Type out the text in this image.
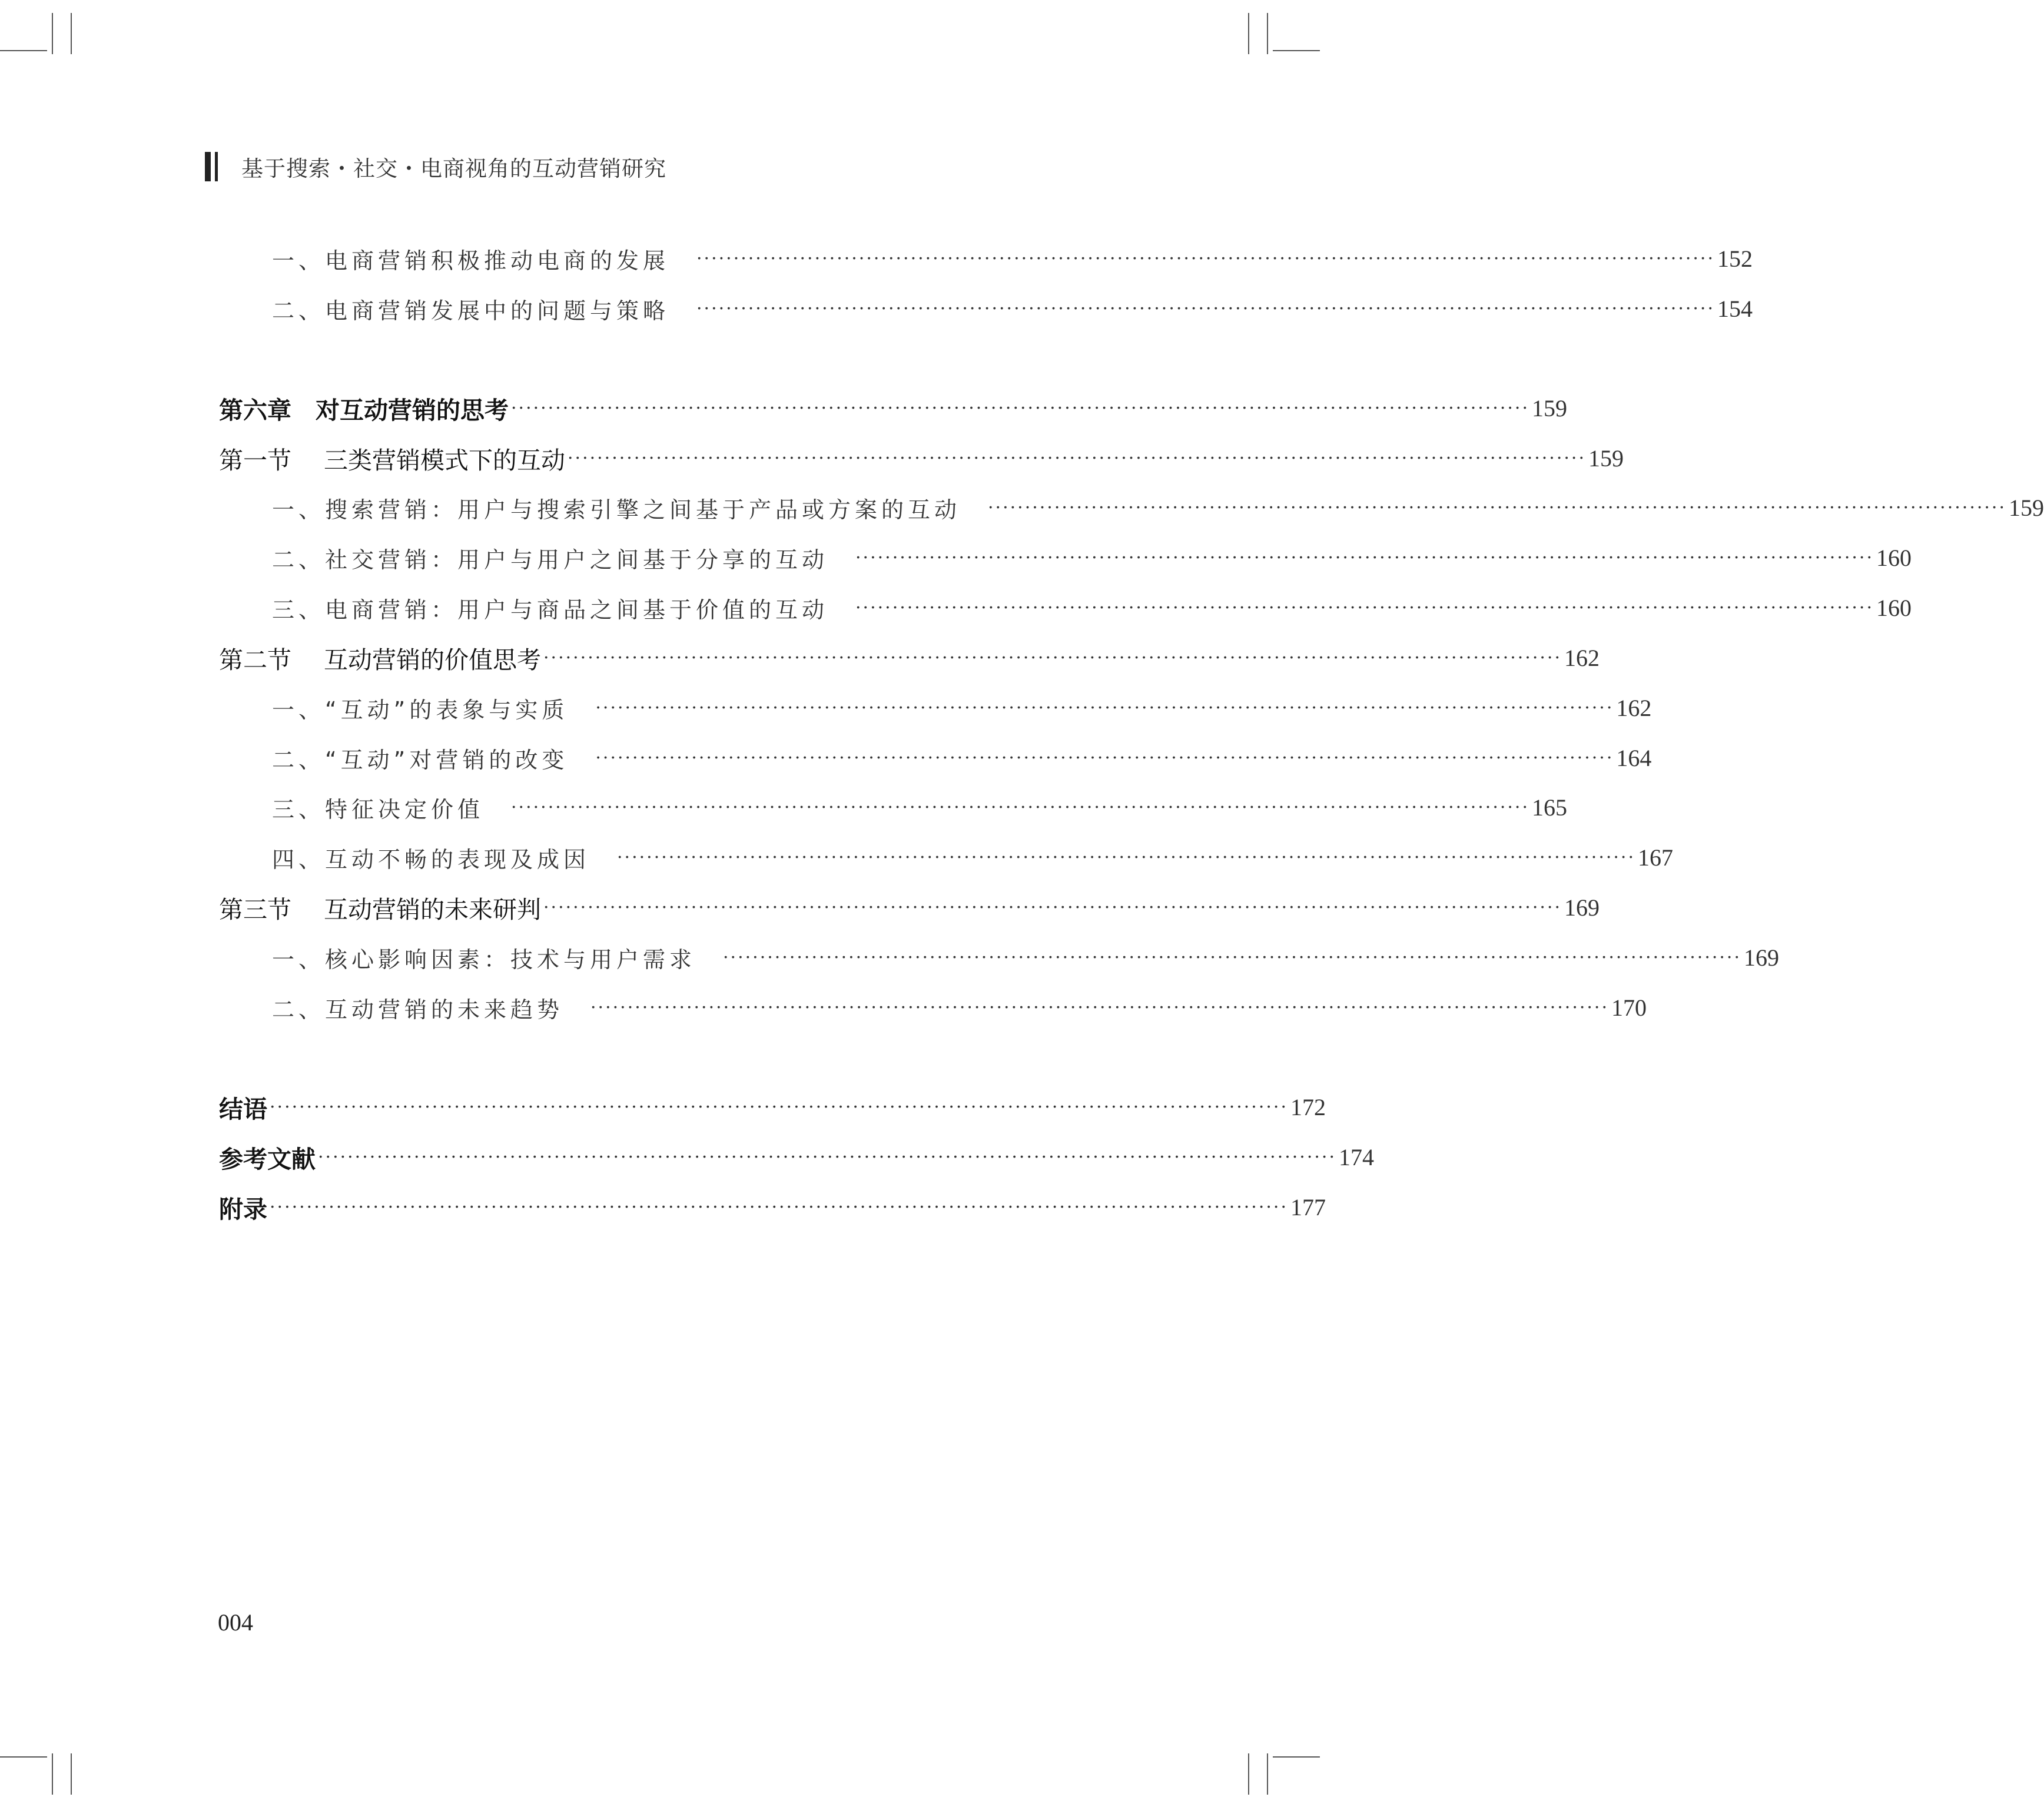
基于搜索・社交・电商视角的互动营销研究
一、电商营销积极推动电商的发展 ·········································································································································· 152
二、电商营销发展中的问题与策略 ·········································································································································· 154
第六章　对互动营销的思考 ·········································································································································· 159
第一节 三类营销模式下的互动 ·········································································································································· 159
一、搜索营销：用户与搜索引擎之间基于产品或方案的互动 ·········································································································································· 159
二、社交营销：用户与用户之间基于分享的互动 ·········································································································································· 160
三、电商营销：用户与商品之间基于价值的互动 ·········································································································································· 160
第二节 互动营销的价值思考 ·········································································································································· 162
一、“互动”的表象与实质 ·········································································································································· 162
二、“互动”对营销的改变 ·········································································································································· 164
三、特征决定价值 ·········································································································································· 165
四、互动不畅的表现及成因 ·········································································································································· 167
第三节 互动营销的未来研判 ·········································································································································· 169
一、核心影响因素：技术与用户需求 ·········································································································································· 169
二、互动营销的未来趋势 ·········································································································································· 170
结语 ·········································································································································· 172
参考文献 ·········································································································································· 174
附录 ·········································································································································· 177
004
